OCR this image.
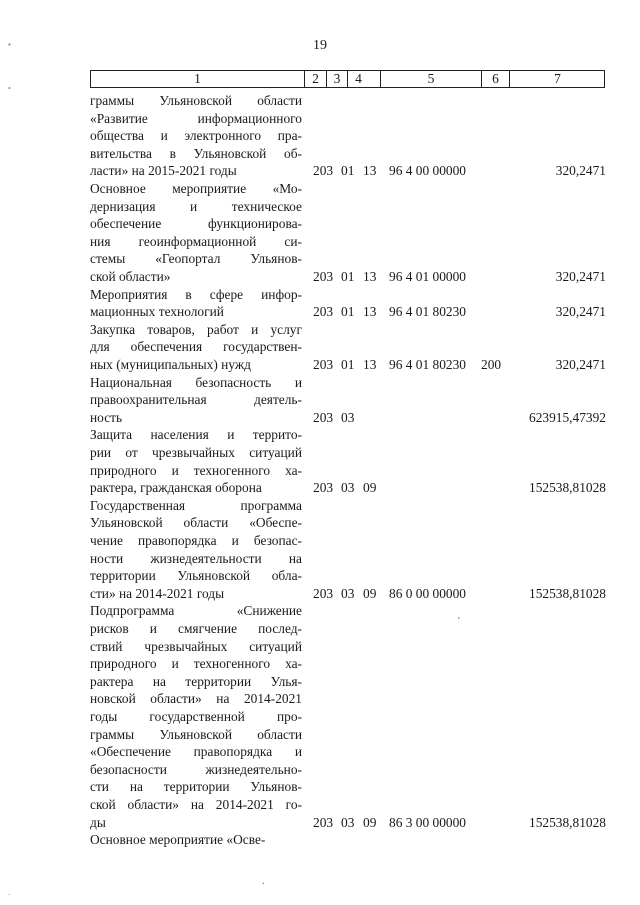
▪
•
.
19
1	2	3	4	5	6	7
граммы Ульяновской области
«Развитие информационного
общества и электронного пра-
вительства в Ульяновской об-
ласти» на 2015-2021 годы	203 01 13 96 4 00 00000	320,2471
Основное мероприятие «Мо-
дернизация и техническое
обеспечение функционирова-
ния геоинформационной си-
стемы «Геопортал Ульянов-
ской области»	203 01 13 96 4 01 00000	320,2471
Мероприятия в сфере инфор-
мационных технологий	203 01 13 96 4 01 80230	320,2471
Закупка товаров, работ и услуг
для обеспечения государствен-
ных (муниципальных) нужд	203 01 13 96 4 01 80230 200	320,2471
Национальная безопасность и
правоохранительная деятель-
ность	203 03	623915,47392
Защита населения и террито-
рии от чрезвычайных ситуаций
природного и техногенного ха-
рактера, гражданская оборона	203 03 09	152538,81028
Государственная программа
Ульяновской области «Обеспе-
чение правопорядка и безопас-
ности жизнедеятельности на
территории Ульяновской обла-
сти» на 2014-2021 годы	203 03 09 86 0 00 00000	152538,81028
Подпрограмма «Снижение
рисков и смягчение послед-
ствий чрезвычайных ситуаций
природного и техногенного ха-
рактера на территории Улья-
новской области» на 2014-2021
годы государственной про-
граммы Ульяновской области
«Обеспечение правопорядка и
безопасности жизнедеятельно-
сти на территории Ульянов-
ской области» на 2014-2021 го-
ды	203 03 09 86 3 00 00000	152538,81028
Основное мероприятие «Осве-
'
.
